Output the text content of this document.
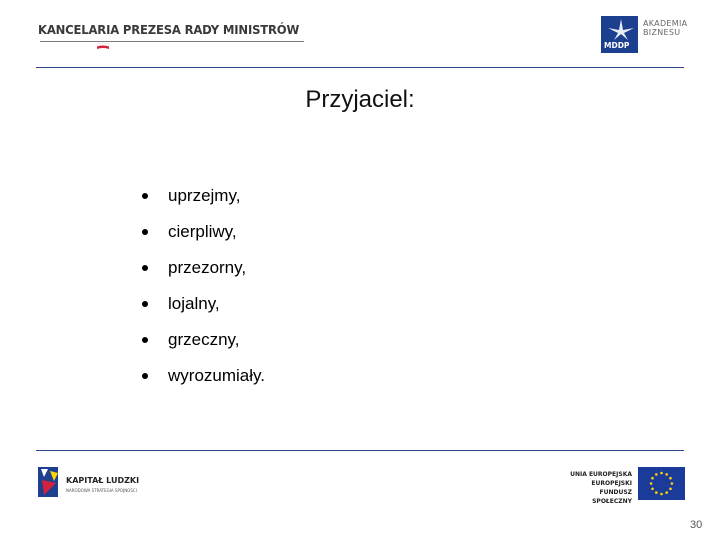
KANCELARIA PREZESA RADY MINISTRÓW
MDDP
AKADEMIA
BIZNESU
Przyjaciel:
uprzejmy,
cierpliwy,
przezorny,
lojalny,
grzeczny,
wyrozumiały.
KAPITAŁ LUDZKI
NARODOWA STRATEGIA SPÓJNOŚCI
UNIA EUROPEJSKA
EUROPEJSKI
FUNDUSZ SPOŁECZNY
30
